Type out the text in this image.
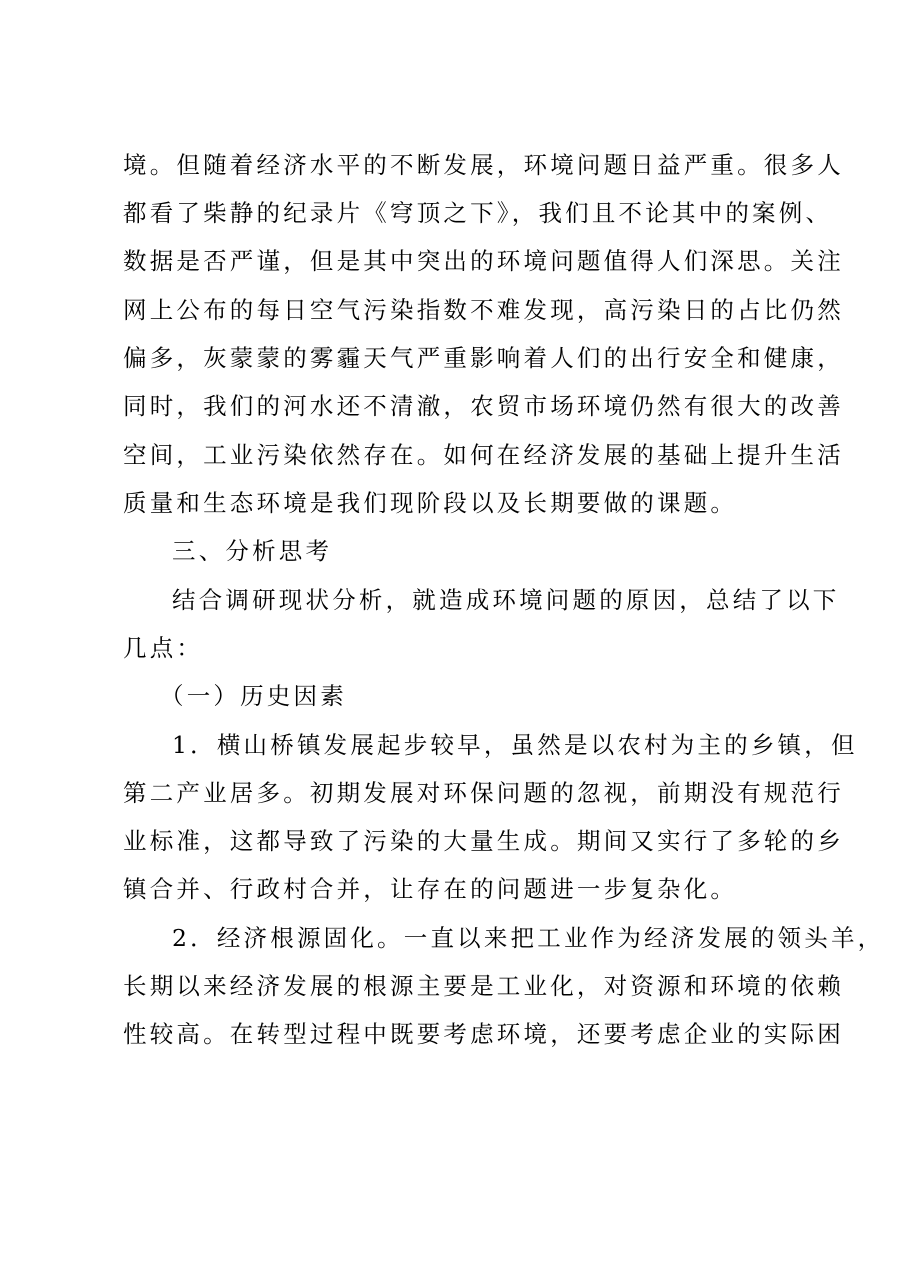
境。但随着经济水平的不断发展，环境问题日益严重。很多人
都看了柴静的纪录片《穹顶之下》，我们且不论其中的案例、
数据是否严谨，但是其中突出的环境问题值得人们深思。关注
网上公布的每日空气污染指数不难发现，高污染日的占比仍然
偏多，灰蒙蒙的雾霾天气严重影响着人们的出行安全和健康，
同时，我们的河水还不清澈，农贸市场环境仍然有很大的改善
空间，工业污染依然存在。如何在经济发展的基础上提升生活
质量和生态环境是我们现阶段以及长期要做的课题。
三、分析思考
结合调研现状分析，就造成环境问题的原因，总结了以下
几点：
（一）历史因素
1．横山桥镇发展起步较早，虽然是以农村为主的乡镇，但
第二产业居多。初期发展对环保问题的忽视，前期没有规范行
业标准，这都导致了污染的大量生成。期间又实行了多轮的乡
镇合并、行政村合并，让存在的问题进一步复杂化。
2．经济根源固化。一直以来把工业作为经济发展的领头羊，
长期以来经济发展的根源主要是工业化，对资源和环境的依赖
性较高。在转型过程中既要考虑环境，还要考虑企业的实际困
